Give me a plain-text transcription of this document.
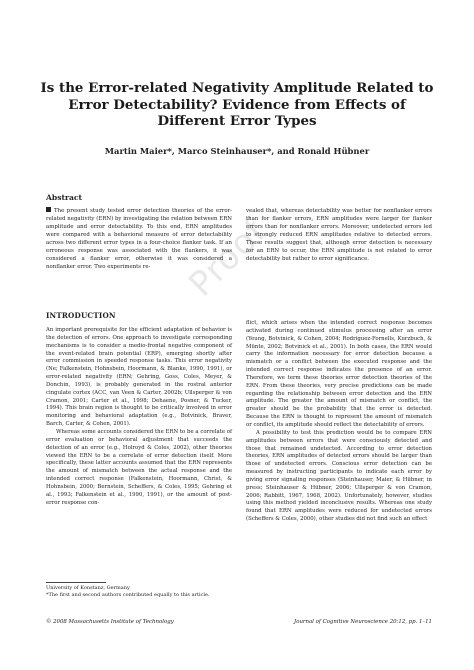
Is the Error-related Negativity Amplitude Related to Error Detectability? Evidence from Effects of Different Error Types

Martin Maier*, Marco Steinhauser*, and Ronald Hübner

Abstract

The present study tested error detection theories of the error-related negativity (ERN) by investigating the relation between ERN amplitude and error detectability. To this end, ERN amplitudes were compared with a behavioral measure of error detectability across two different error types in a four-choice flanker task. If an erroneous response was associated with the flankers, it was considered a flanker error, otherwise it was considered a nonflanker error. Two experiments re-

vealed that, whereas detectability was better for nonflanker errors than for flanker errors, ERN amplitudes were larger for flanker errors than for nonflanker errors. Moreover, undetected errors led to strongly reduced ERN amplitudes relative to detected errors. These results suggest that, although error detection is necessary for an ERN to occur, the ERN amplitude is not related to error detectability but rather to error significance.

Proof
INTRODUCTION

An important prerequisite for the efficient adaptation of behavior is the detection of errors. One approach to investigate corresponding mechanisms is to consider a medio-frontal negative component of the event-related brain potential (ERP), emerging shortly after error commission in speeded response tasks. This error negativity (Ne; Falkenstein, Hohnsbein, Hoormann, & Blanke, 1990, 1991), or error-related negativity (ERN; Gehring, Goss, Coles, Meyer, & Donchin, 1993), is probably generated in the rostral anterior cingulate cortex (ACC, van Veen & Carter, 2002b; Ullsperger & von Cramon, 2001; Carter et al., 1998; Dehaene, Posner, & Tucker, 1994). This brain region is thought to be critically involved in error monitoring and behavioral adaptation (e.g., Botvinick, Braver, Barch, Carter, & Cohen, 2001).

Whereas some accounts considered the ERN to be a correlate of error evaluation or behavioral adjustment that succeeds the detection of an error (e.g., Holroyd & Coles, 2002), other theories viewed the ERN to be a correlate of error detection itself. More specifically, these latter accounts assumed that the ERN represents the amount of mismatch between the actual response and the intended correct response (Falkenstein, Hoormann, Christ, & Hohnsbein, 2000; Bernstein, Scheffers, & Coles, 1995; Gehring et al., 1993; Falkenstein et al., 1990, 1991), or the amount of post-error response con-

flict, which arises when the intended correct response becomes activated during continued stimulus processing after an error (Yeung, Botvinick, & Cohen, 2004; Rodriguez-Fornells, Kurzbuch, & Münte, 2002; Botvinick et al., 2001). In both cases, the ERN would carry the information necessary for error detection because a mismatch or a conflict between the executed response and the intended correct response indicates the presence of an error. Therefore, we term these theories error detection theories of the ERN. From these theories, very precise predictions can be made regarding the relationship between error detection and the ERN amplitude. The greater the amount of mismatch or conflict, the greater should be the probability that the error is detected. Because the ERN is thought to represent the amount of mismatch or conflict, its amplitude should reflect the detectability of errors.

A possibility to test this prediction would be to compare ERN amplitudes between errors that were consciously detected and those that remained undetected. According to error detection theories, ERN amplitudes of detected errors should be larger than those of undetected errors. Conscious error detection can be measured by instructing participants to indicate each error by giving error signaling responses (Steinhauser, Maier, & Hübner, in press; Steinhauser & Hübner, 2006; Ullsperger & von Cramon, 2006; Rabbitt, 1967, 1968, 2002). Unfortunately, however, studies using this method yielded inconclusive results. Whereas one study found that ERN amplitudes were reduced for undetected errors (Scheffers & Coles, 2000), other studies did not find such an effect

University of Konstanz, Germany

*The first and second authors contributed equally to this article.

© 2008 Massachusetts Institute of Technology	Journal of Cognitive Neuroscience 20:12, pp. 1–11
